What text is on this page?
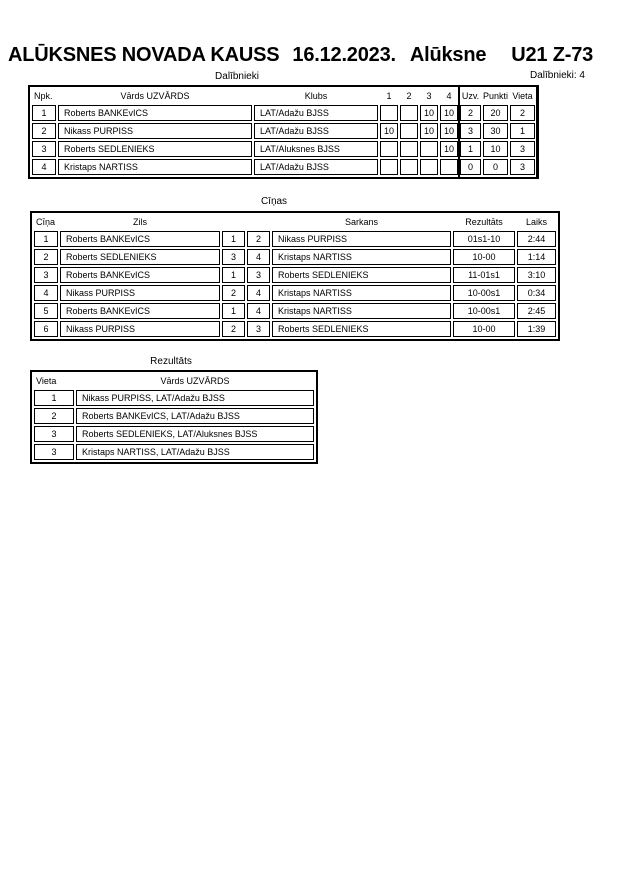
ALŪKSNES NOVADA KAUSS 16.12.2023. Alūksne U21 Z-73
Dalībnieki: 4
Dalībnieki
Npk.	Vārds UZVĀRDS	Klubs	1	2	3	4	Uzv.	Punkti	Vieta
1	Roberts BANKEvICS	LAT/Adažu BJSS			10	10	2	20	2
2	Nikass PURPISS	LAT/Adažu BJSS	10		10	10	3	30	1
3	Roberts SEDLENIEKS	LAT/Aluksnes BJSS				10	1	10	3
4	Kristaps NARTISS	LAT/Adažu BJSS					0	0	3
Cīņas
Cīņa	Zils			Sarkans	Rezultāts	Laiks
1	Roberts BANKEvICS	1	2	Nikass PURPISS	01s1-10	2:44
2	Roberts SEDLENIEKS	3	4	Kristaps NARTISS	10-00	1:14
3	Roberts BANKEvICS	1	3	Roberts SEDLENIEKS	11-01s1	3:10
4	Nikass PURPISS	2	4	Kristaps NARTISS	10-00s1	0:34
5	Roberts BANKEvICS	1	4	Kristaps NARTISS	10-00s1	2:45
6	Nikass PURPISS	2	3	Roberts SEDLENIEKS	10-00	1:39
Rezultāts
Vieta	Vārds UZVĀRDS
1	Nikass PURPISS, LAT/Adažu BJSS
2	Roberts BANKEvICS, LAT/Adažu BJSS
3	Roberts SEDLENIEKS, LAT/Aluksnes BJSS
3	Kristaps NARTISS, LAT/Adažu BJSS
